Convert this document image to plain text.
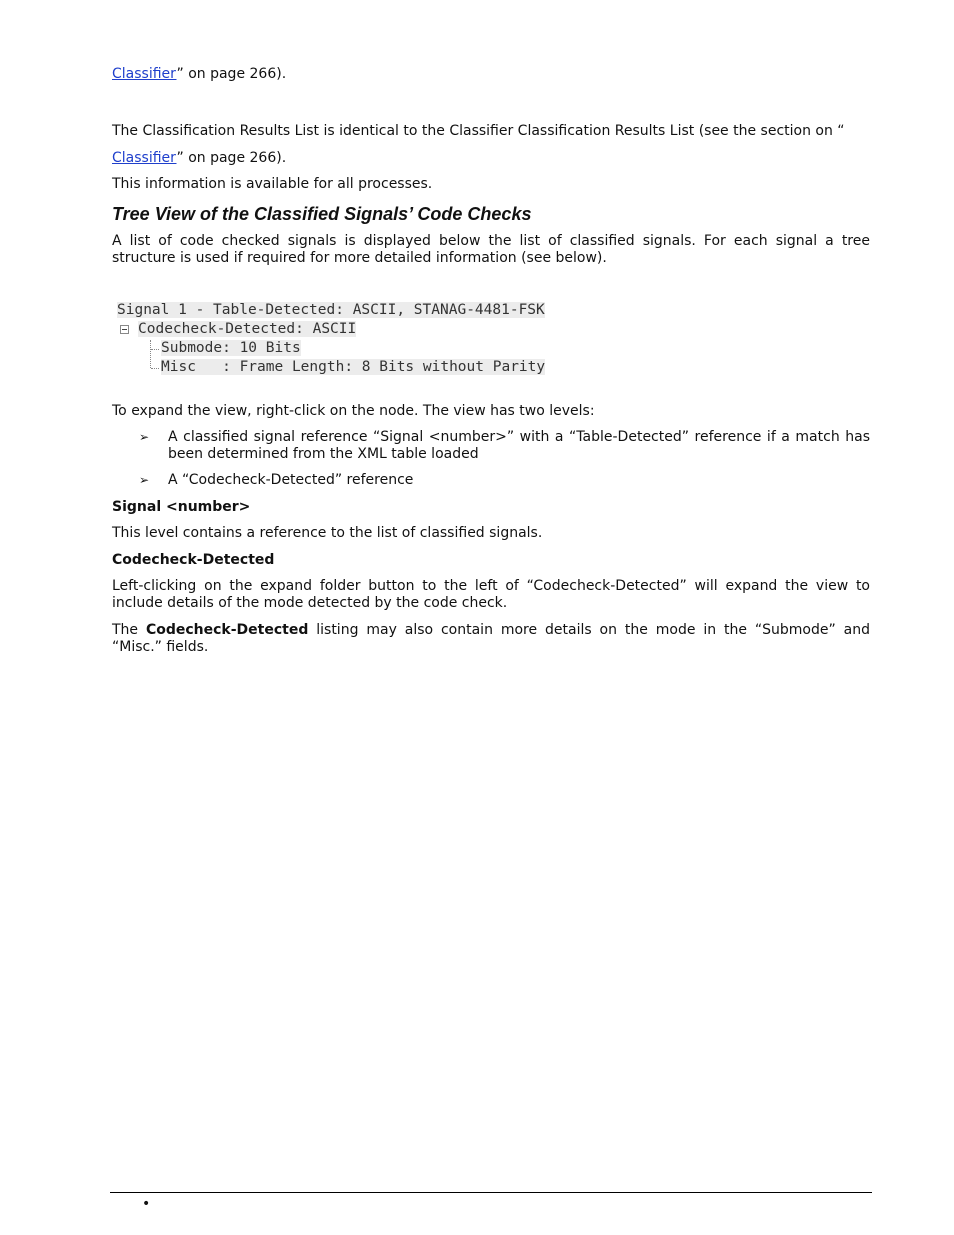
Classifier” on page 266).

The Classification Results List is identical to the Classifier Classification Results List (see the section on “

Classifier” on page 266).

This information is available for all processes.

Tree View of the Classified Signals’ Code Checks

A list of code checked signals is displayed below the list of classified signals. For each signal a tree structure is used if required for more detailed information (see below).

Signal 1 - Table-Detected: ASCII, STANAG-4481-FSK
Codecheck-Detected: ASCII
Submode: 10 Bits
Misc   : Frame Length: 8 Bits without Parity

To expand the view, right-click on the node. The view has two levels:

➢ A classified signal reference “Signal <number>” with a “Table-Detected” reference if a match has been determined from the XML table loaded

➢ A “Codecheck-Detected” reference

Signal <number>

This level contains a reference to the list of classified signals.

Codecheck-Detected

Left-clicking on the expand folder button to the left of “Codecheck-Detected” will expand the view to include details of the mode detected by the code check.

The Codecheck-Detected listing may also contain more details on the mode in the “Submode” and “Misc.” fields.

•
